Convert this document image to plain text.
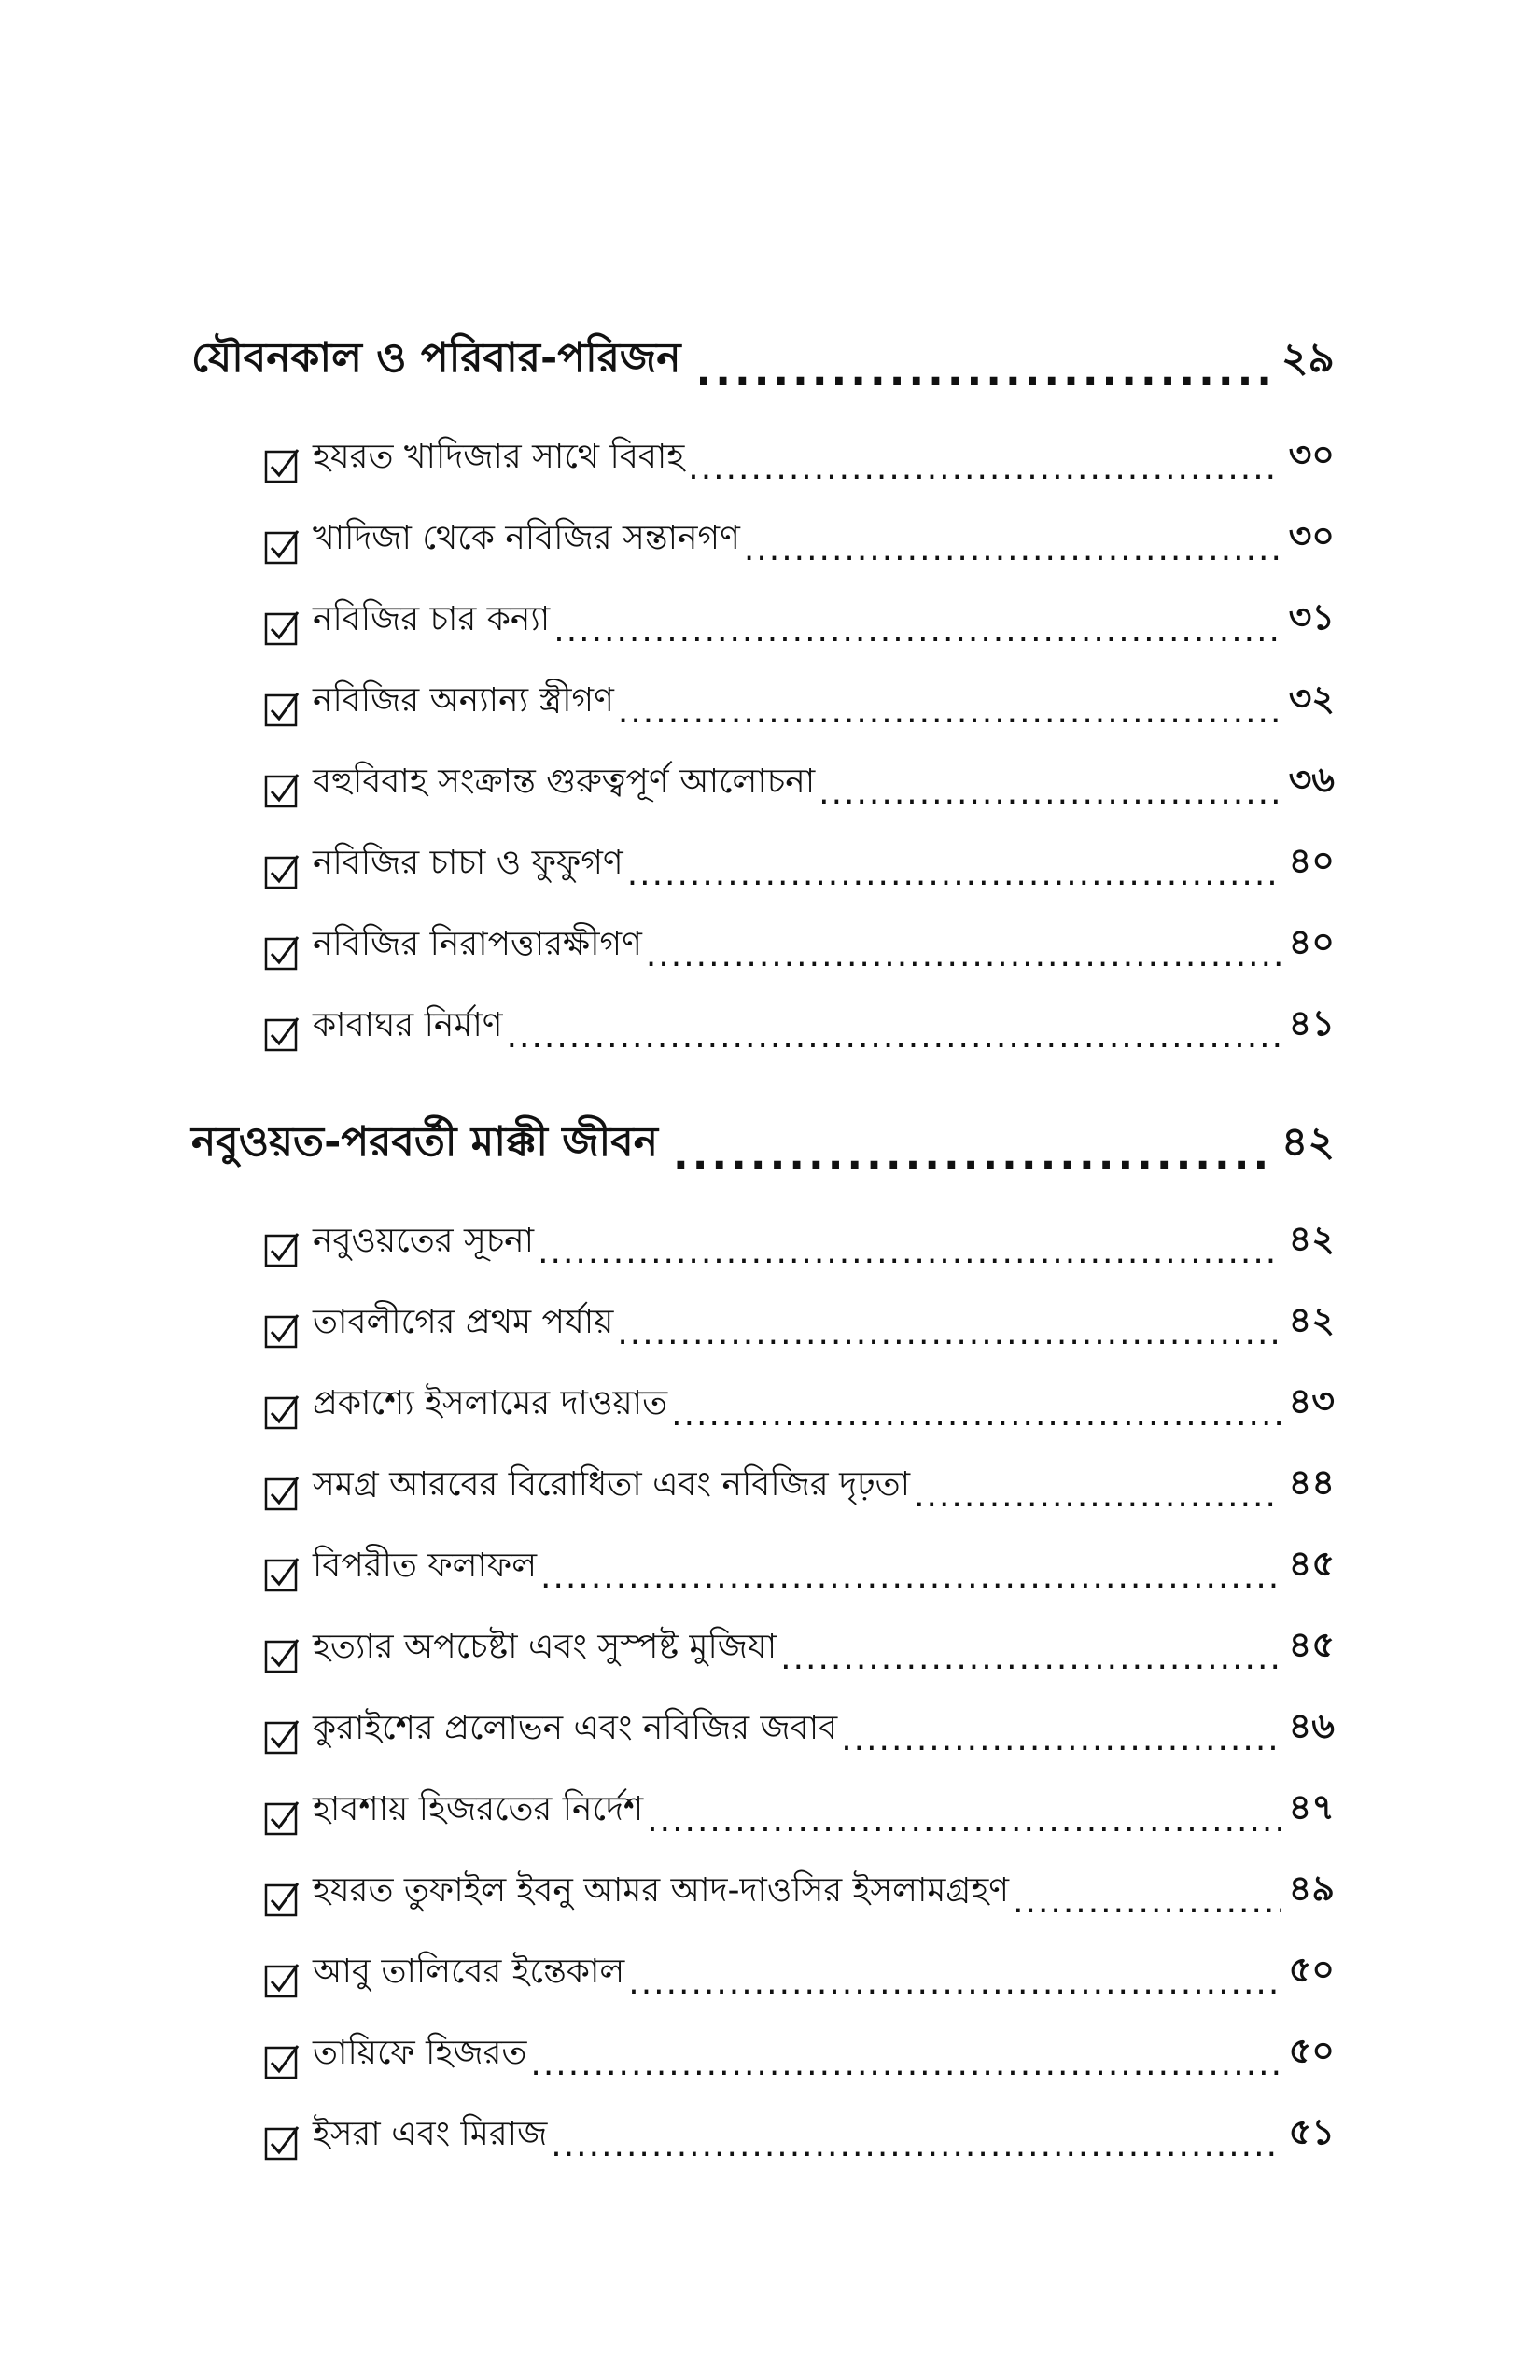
যৌবনকাল ও পরিবার-পরিজন .....	২৯
হযরত খাদিজার সাথে বিবাহ .....	৩০
খাদিজা থেকে নবিজির সন্তানগণ .....	৩০
নবিজির চার কন্যা .....	৩১
নবিজির অন্যান্য স্ত্রীগণ .....	৩২
বহুবিবাহ সংক্রান্ত গুরুত্বপূর্ণ আলোচনা .....	৩৬
নবিজির চাচা ও ফুফুগণ .....	৪০
নবিজির নিরাপত্তারক্ষীগণ .....	৪০
কাবাঘর নির্মাণ .....	৪১
নবুওয়ত-পরবর্তী মাক্কী জীবন .....	৪২
নবুওয়তের সূচনা .....	৪২
তাবলীগের প্রথম পর্যায় .....	৪২
প্রকাশ্যে ইসলামের দাওয়াত .....	৪৩
সমগ্র আরবের বিরোধিতা এবং নবিজির দৃঢ়তা .....	৪৪
বিপরীত ফলাফল .....	৪৫
হত্যার অপচেষ্টা এবং সুস্পষ্ট মুজিযা .....	৪৫
কুরাইশের প্রলোভন এবং নবিজির জবাব .....	৪৬
হাবশায় হিজরতের নির্দেশ .....	৪৭
হযরত তুফাইল ইবনু আমর আদ-দাওসির ইসলামগ্রহণ .....	৪৯
আবু তালিবের ইন্তেকাল .....	৫০
তায়িফে হিজরত .....	৫০
ইসরা এবং মিরাজ .....	৫১
